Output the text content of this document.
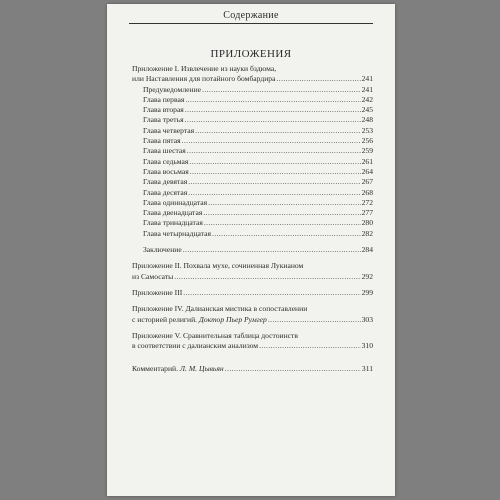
Содержание
ПРИЛОЖЕНИЯ
Приложение I. Извлечение из науки бздюма,
или Наставления для потайного бомбардира .....	241
Предуведомление .....	241
Глава первая .....	242
Глава вторая .....	245
Глава третья .....	248
Глава четвертая .....	253
Глава пятая .....	256
Глава шестая .....	259
Глава седьмая .....	261
Глава восьмая .....	264
Глава девятая .....	267
Глава десятая .....	268
Глава одиннадцатая .....	272
Глава двенадцатая .....	277
Глава тринадцатая .....	280
Глава четырнадцатая .....	282
Заключение .....	284
Приложение II. Похвала мухе, сочиненная Лукианом
из Самосаты .....	292
Приложение III .....	299
Приложение IV. Далианская мистика в сопоставлении
с историей религий. Доктор Пьер Румгер .....	303
Приложение V. Сравнительная таблица достоинств
в соответствии с далианским анализом .....	310
Комментарий. Л. М. Цывьян .....	311
